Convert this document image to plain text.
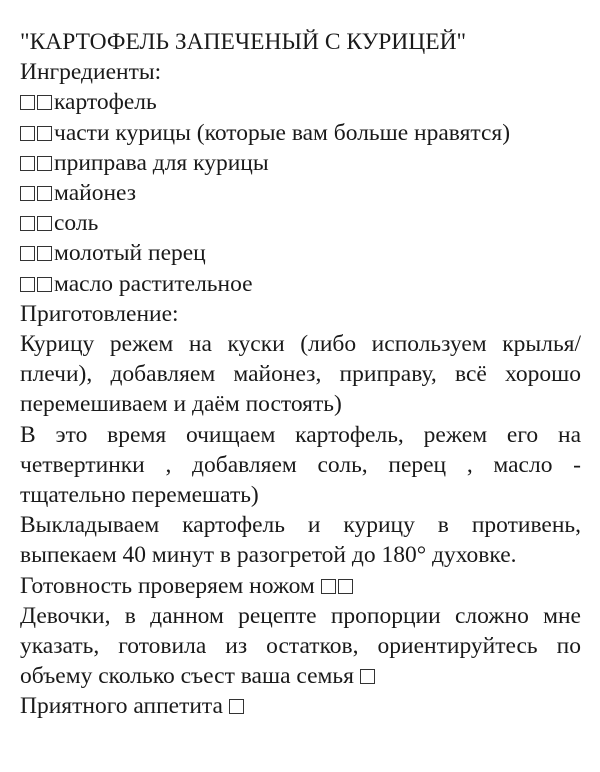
"КАРТОФЕЛЬ ЗАПЕЧЕНЫЙ С КУРИЦЕЙ"
Ингредиенты:
картофель
части курицы (которые вам больше нравятся)
приправа для курицы
майонез
соль
молотый перец
масло растительное
Приготовление:
Курицу режем на куски (либо используем крылья/плечи), добавляем майонез, приправу, всё хорошо перемешиваем и даём постоять)
В это время очищаем картофель, режем его на четвертинки , добавляем соль, перец , масло - тщательно перемешать)
Выкладываем картофель и курицу в противень, выпекаем 40 минут в разогретой до 180° духовке.
Готовность проверяем ножом
Девочки, в данном рецепте пропорции сложно мне указать, готовила из остатков, ориентируйтесь по объему сколько съест ваша семья
Приятного аппетита
